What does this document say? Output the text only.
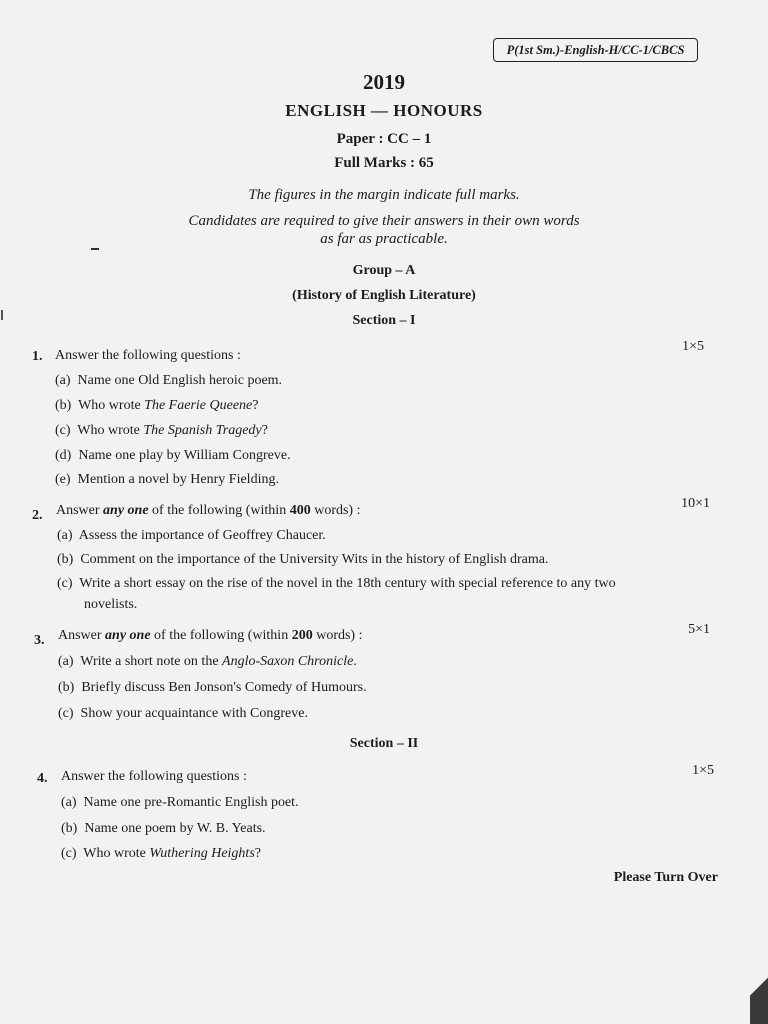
P(1st Sm.)-English-H/CC-1/CBCS
2019
ENGLISH — HONOURS
Paper : CC – 1
Full Marks : 65
The figures in the margin indicate full marks.
Candidates are required to give their answers in their own words
as far as practicable.
Group – A
(History of English Literature)
Section – I
1. Answer the following questions :
1×5
(a) Name one Old English heroic poem.
(b) Who wrote The Faerie Queene?
(c) Who wrote The Spanish Tragedy?
(d) Name one play by William Congreve.
(e) Mention a novel by Henry Fielding.
2. Answer any one of the following (within 400 words) :	10×1
(a) Assess the importance of Geoffrey Chaucer.
(b) Comment on the importance of the University Wits in the history of English drama.
(c) Write a short essay on the rise of the novel in the 18th century with special reference to any two
novelists.
3. Answer any one of the following (within 200 words) :	5×1
(a) Write a short note on the Anglo-Saxon Chronicle.
(b) Briefly discuss Ben Jonson's Comedy of Humours.
(c) Show your acquaintance with Congreve.
Section – II
4. Answer the following questions :	1×5
(a) Name one pre-Romantic English poet.
(b) Name one poem by W. B. Yeats.
(c) Who wrote Wuthering Heights?
Please Turn Over
